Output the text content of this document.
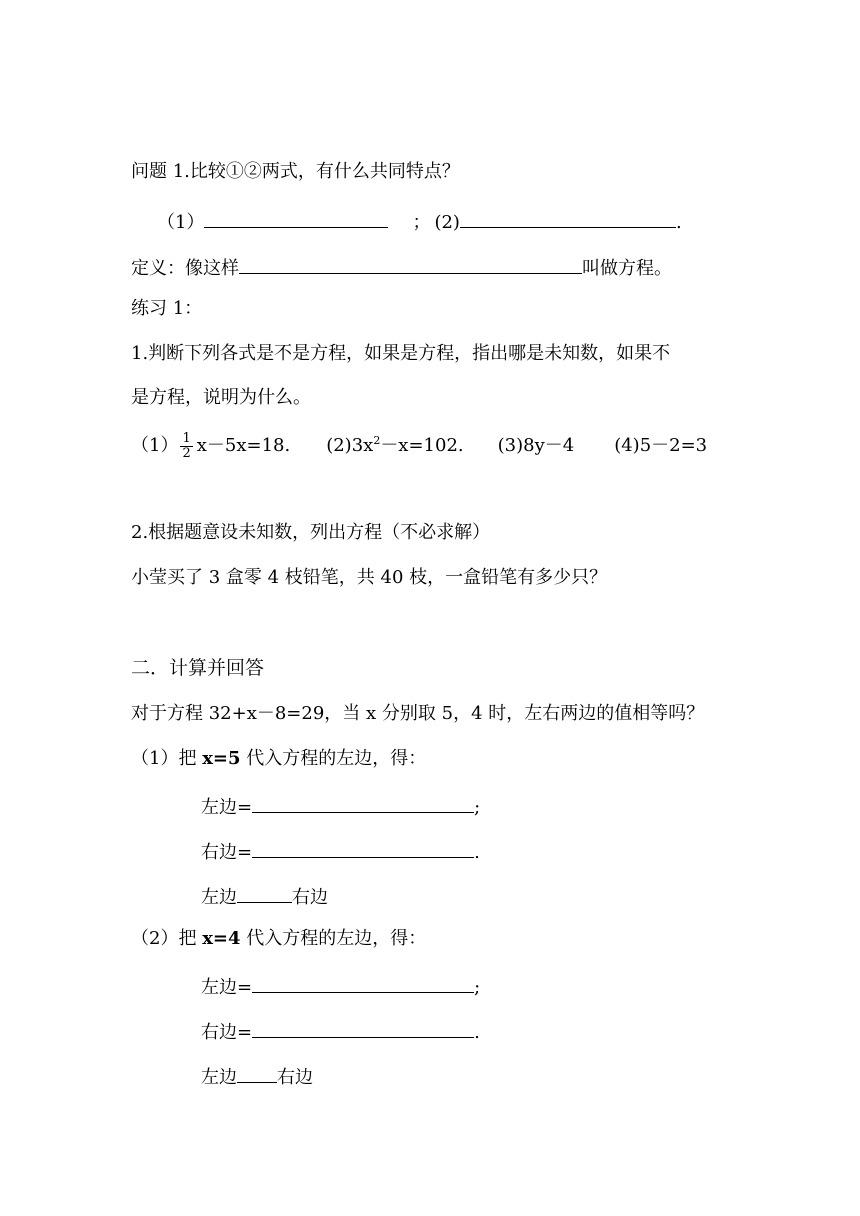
问题 1.比较①②两式，有什么共同特点？
（1）	； (2)	.
定义：像这样	叫做方程。
练习 1：
1.判断下列各式是不是方程，如果是方程，指出哪是未知数，如果不
是方程，说明为什么。
$(1) \frac{1}{2} x-5x=18$. $(2)3x^2-x=102$. (3)8y－4 (4)5－2=3
2.根据题意设未知数，列出方程（不必求解）
小莹买了 3 盒零 4 枝铅笔，共 40 枝，一盒铅笔有多少只？
二．计算并回答
对于方程 32+x－8=29，当 x 分别取 5，4 时，左右两边的值相等吗？
（1）把 x=5 代入方程的左边，得：
左边=	;
右边=	.
左边	右边
（2）把 x=4 代入方程的左边，得：
左边=	;
右边=	.
左边 右边
